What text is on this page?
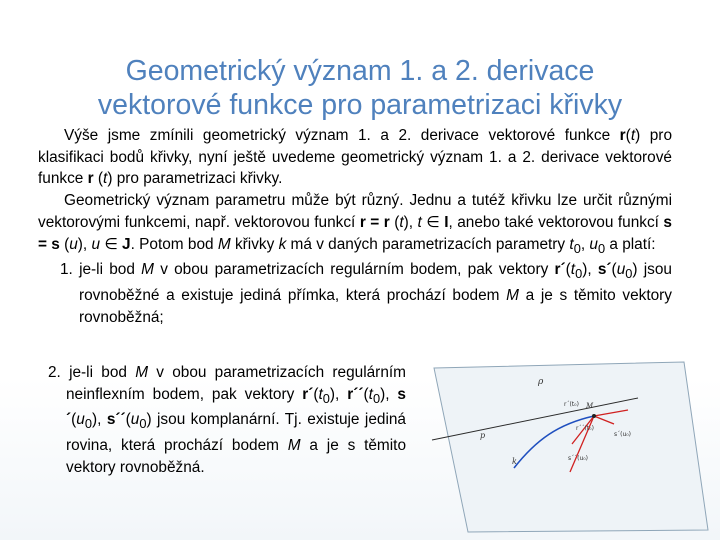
Geometrický význam 1. a 2. derivace
vektorové funkce pro parametrizaci křivky

Výše jsme zmínili geometrický význam 1. a 2. derivace vektorové funkce r(t) pro klasifikaci bodů křivky, nyní ještě uvedeme geometrický význam 1. a 2. derivace vektorové funkce r (t) pro parametrizaci křivky.

Geometrický význam parametru může být různý. Jednu a tutéž křivku lze určit různými vektorovými funkcemi, např. vektorovou funkcí r = r (t), t ∈ I, anebo také vektorovou funkcí s = s (u), u ∈ J. Potom bod M křivky k má v daných parametrizacích parametry $t_0$, $u_0$ a platí:

1. je-li bod M v obou parametrizacích regulárním bodem, pak vektory $r´(t_0)$, $s´(u_0)$ jsou rovnoběžné a existuje jediná přímka, která prochází bodem M a je s těmito vektory rovnoběžná;

2. je-li bod M v obou parametrizacích regulárním neinflexním bodem, pak vektory $r´(t_0)$, $r´´(t_0)$, $s´(u_0)$, $s´´(u_0)$ jsou komplanární. Tj. existuje jediná rovina, která prochází bodem M a je s těmito vektory rovnoběžná.

ρ
p
k
M
r´(t₀)
s´(u₀)
r´´(t₀)
s´´(u₀)
